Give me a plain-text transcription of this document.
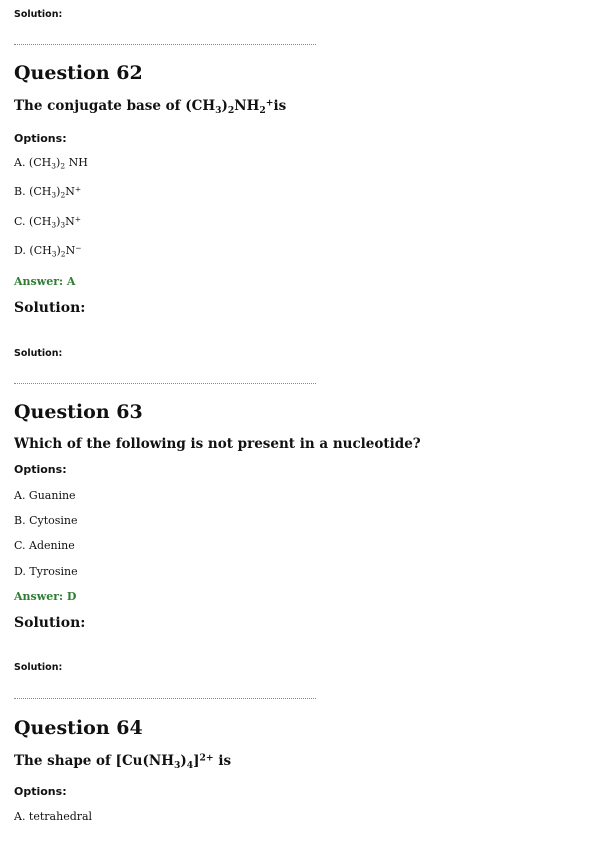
Solution:
Question 62
The conjugate base of $(CH_3)_2NH_2^+is$
Options:
A. $(CH_3)_2$ NH
B. $(CH_3)_2N^+$
C. $(CH_3)_3N^+$
D. $(CH_3)_2N^-$
Answer: A
Solution:
Solution:
Question 63
Which of the following is not present in a nucleotide?
Options:
A. Guanine
B. Cytosine
C. Adenine
D. Tyrosine
Answer: D
Solution:
Solution:
Question 64
The shape of $[Cu(NH_3)_4]^{2+}$ is
Options:
A. tetrahedral
